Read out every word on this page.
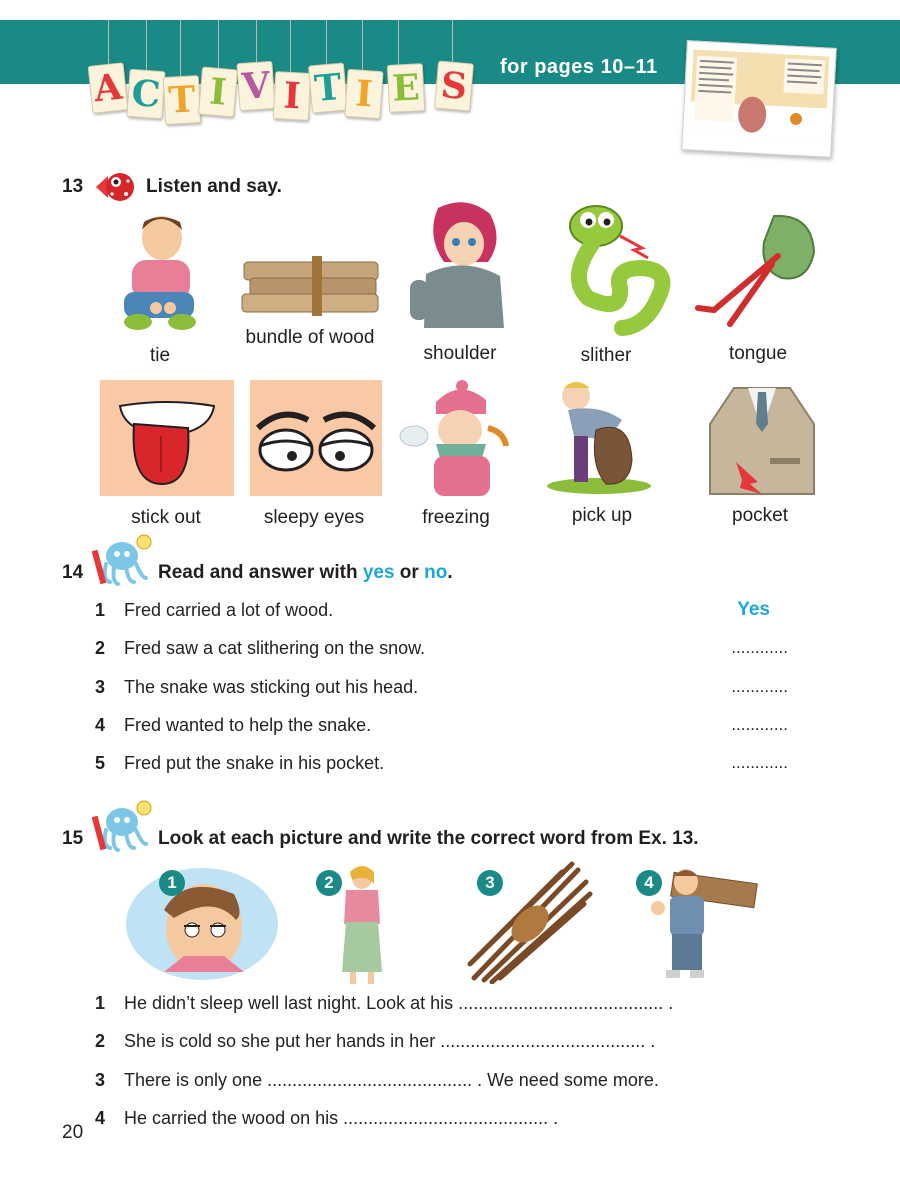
A C T I V I T I E S for pages 10–11
13	Listen and say.
tie
bundle of wood
shoulder	slither	tongue
stick out	sleepy eyes	freezing	pick up	pocket
14	Read and answer with yes or no.
1 Fred carried a lot of wood.	Yes
2 Fred saw a cat slithering on the snow.	............
3 The snake was sticking out his head.	............
4 Fred wanted to help the snake.	............
5 Fred put the snake in his pocket.	............
15	Look at each picture and write the correct word from Ex. 13.
1	2	3	4
1 He didn’t sleep well last night. Look at his ......................................... .
2 She is cold so she put her hands in her ......................................... .
3 There is only one ......................................... . We need some more.
4 He carried the wood on his ......................................... .
20
